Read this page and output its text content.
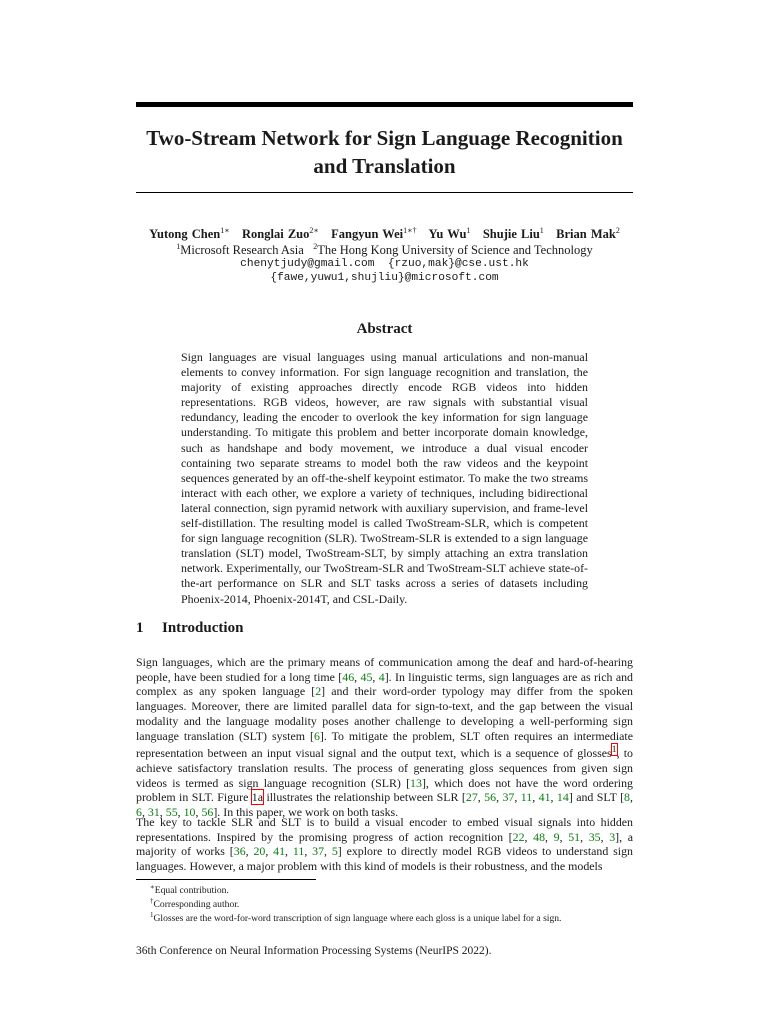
Two-Stream Network for Sign Language Recognition
and Translation
Yutong Chen$^{1∗}$ Ronglai Zuo$^{2∗}$ Fangyun Wei$^{1∗\dagger}$ Yu Wu$^1$ Shujie Liu$^1$ Brian Mak$^2$
$^1$Microsoft Research Asia $^2$The Hong Kong University of Science and Technology
chenytjudy@gmail.com  {rzuo,mak}@cse.ust.hk
{fawe,yuwu1,shujliu}@microsoft.com
Abstract
Sign languages are visual languages using manual articulations and non-manual elements to convey information. For sign language recognition and translation, the majority of existing approaches directly encode RGB videos into hidden representations. RGB videos, however, are raw signals with substantial visual redundancy, leading the encoder to overlook the key information for sign language understanding. To mitigate this problem and better incorporate domain knowledge, such as handshape and body movement, we introduce a dual visual encoder containing two separate streams to model both the raw videos and the keypoint sequences generated by an off-the-shelf keypoint estimator. To make the two streams interact with each other, we explore a variety of techniques, including bidirectional lateral connection, sign pyramid network with auxiliary supervision, and frame-level self-distillation. The resulting model is called TwoStream-SLR, which is competent for sign language recognition (SLR). TwoStream-SLR is extended to a sign language translation (SLT) model, TwoStream-SLT, by simply attaching an extra translation network. Experimentally, our TwoStream-SLR and TwoStream-SLT achieve state-of-the-art performance on SLR and SLT tasks across a series of datasets including Phoenix-2014, Phoenix-2014T, and CSL-Daily.
1 Introduction
Sign languages, which are the primary means of communication among the deaf and hard-of-hearing people, have been studied for a long time [46, 45, 4]. In linguistic terms, sign languages are as rich and complex as any spoken language [2] and their word-order typology may differ from the spoken languages. Moreover, there are limited parallel data for sign-to-text, and the gap between the visual modality and the language modality poses another challenge to developing a well-performing sign language translation (SLT) system [6]. To mitigate the problem, SLT often requires an intermediate representation between an input visual signal and the output text, which is a sequence of glosses$^1$, to achieve satisfactory translation results. The process of generating gloss sequences from given sign videos is termed as sign language recognition (SLR) [13], which does not have the word ordering problem in SLT. Figure 1a illustrates the relationship between SLR [27, 56, 37, 11, 41, 14] and SLT [8, 6, 31, 55, 10, 56]. In this paper, we work on both tasks.
The key to tackle SLR and SLT is to build a visual encoder to embed visual signals into hidden representations. Inspired by the promising progress of action recognition [22, 48, 9, 51, 35, 3], a majority of works [36, 20, 41, 11, 37, 5] explore to directly model RGB videos to understand sign languages. However, a major problem with this kind of models is their robustness, and the models
∗Equal contribution.
†Corresponding author.
$^1$Glosses are the word-for-word transcription of sign language where each gloss is a unique label for a sign.
36th Conference on Neural Information Processing Systems (NeurIPS 2022).
